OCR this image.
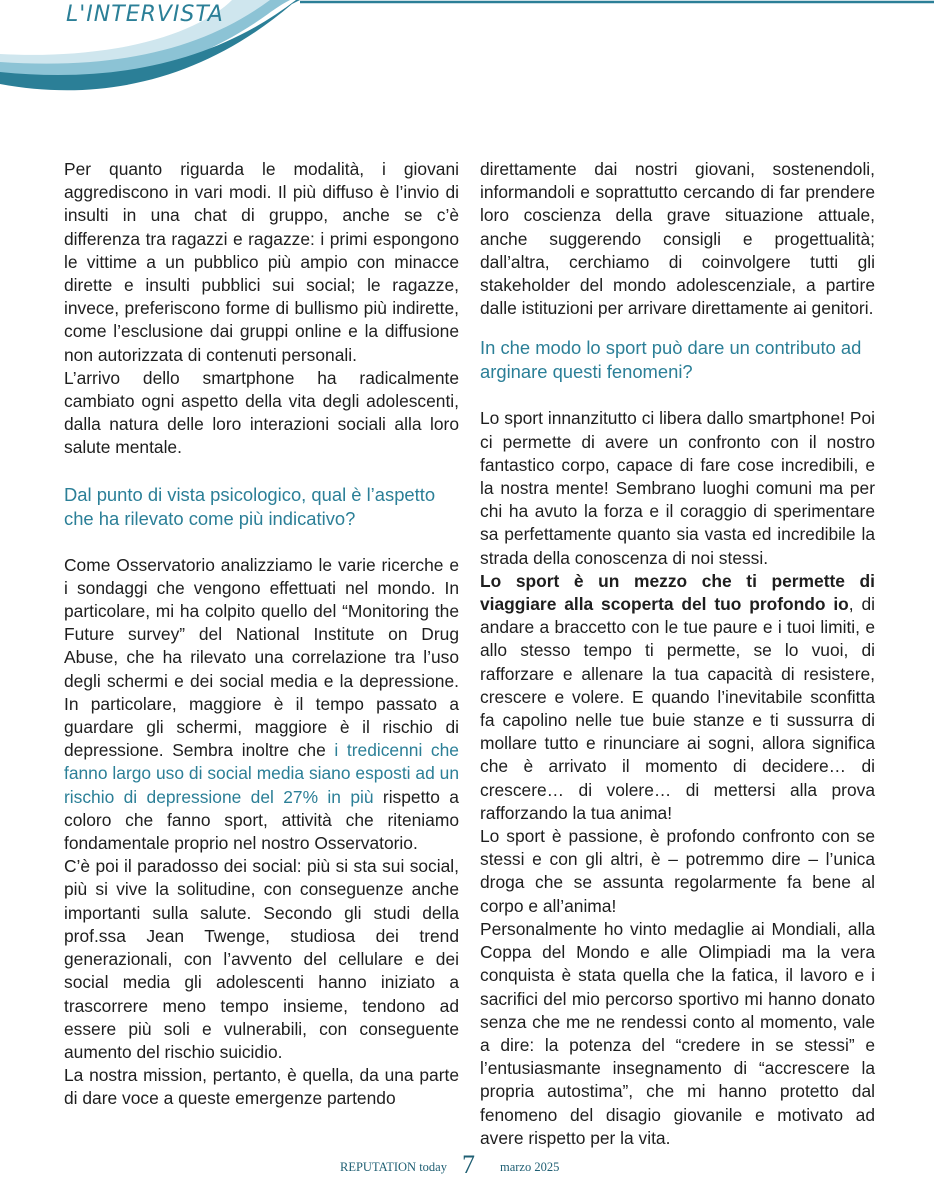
L'INTERVISTA

Per quanto riguarda le modalità, i giovani aggrediscono in vari modi. Il più diffuso è l’invio di insulti in una chat di gruppo, anche se c’è differenza tra ragazzi e ragazze: i primi espongono le vittime a un pubblico più ampio con minacce dirette e insulti pubblici sui social; le ragazze, invece, preferiscono forme di bullismo più indirette, come l’esclusione dai gruppi online e la diffusione non autorizzata di contenuti personali.

L’arrivo dello smartphone ha radicalmente cambiato ogni aspetto della vita degli adolescenti, dalla natura delle loro interazioni sociali alla loro salute mentale.

Dal punto di vista psicologico, qual è l’aspetto che ha rilevato come più indicativo?

Come Osservatorio analizziamo le varie ricerche e i sondaggi che vengono effettuati nel mondo. In particolare, mi ha colpito quello del “Monitoring the Future survey” del National Institute on Drug Abuse, che ha rilevato una correlazione tra l’uso degli schermi e dei social media e la depressione. In particolare, maggiore è il tempo passato a guardare gli schermi, maggiore è il rischio di depressione. Sembra inoltre che i tredicenni che fanno largo uso di social media siano esposti ad un rischio di depressione del 27% in più rispetto a coloro che fanno sport, attività che riteniamo fondamentale proprio nel nostro Osservatorio.

C’è poi il paradosso dei social: più si sta sui social, più si vive la solitudine, con conseguenze anche importanti sulla salute. Secondo gli studi della prof.ssa Jean Twenge, studiosa dei trend generazionali, con l’avvento del cellulare e dei social media gli adolescenti hanno iniziato a trascorrere meno tempo insieme, tendono ad essere più soli e vulnerabili, con conseguente aumento del rischio suicidio.

La nostra mission, pertanto, è quella, da una parte di dare voce a queste emergenze partendo

direttamente dai nostri giovani, sostenendoli, informandoli e soprattutto cercando di far prendere loro coscienza della grave situazione attuale, anche suggerendo consigli e progettualità; dall’altra, cerchiamo di coinvolgere tutti gli stakeholder del mondo adolescenziale, a partire dalle istituzioni per arrivare direttamente ai genitori.

In che modo lo sport può dare un contributo ad arginare questi fenomeni?

Lo sport innanzitutto ci libera dallo smartphone! Poi ci permette di avere un confronto con il nostro fantastico corpo, capace di fare cose incredibili, e la nostra mente! Sembrano luoghi comuni ma per chi ha avuto la forza e il coraggio di sperimentare sa perfettamente quanto sia vasta ed incredibile la strada della conoscenza di noi stessi.

Lo sport è un mezzo che ti permette di viaggiare alla scoperta del tuo profondo io, di andare a braccetto con le tue paure e i tuoi limiti, e allo stesso tempo ti permette, se lo vuoi, di rafforzare e allenare la tua capacità di resistere, crescere e volere. E quando l’inevitabile sconfitta fa capolino nelle tue buie stanze e ti sussurra di mollare tutto e rinunciare ai sogni, allora significa che è arrivato il momento di decidere… di crescere… di volere… di mettersi alla prova rafforzando la tua anima!

Lo sport è passione, è profondo confronto con se stessi e con gli altri, è – potremmo dire – l’unica droga che se assunta regolarmente fa bene al corpo e all’anima!

Personalmente ho vinto medaglie ai Mondiali, alla Coppa del Mondo e alle Olimpiadi ma la vera conquista è stata quella che la fatica, il lavoro e i sacrifici del mio percorso sportivo mi hanno donato senza che me ne rendessi conto al momento, vale a dire: la potenza del “credere in se stessi” e l’entusiasmante insegnamento di “accrescere la propria autostima”, che mi hanno protetto dal fenomeno del disagio giovanile e motivato ad avere rispetto per la vita.

REPUTATION today 7 marzo 2025
